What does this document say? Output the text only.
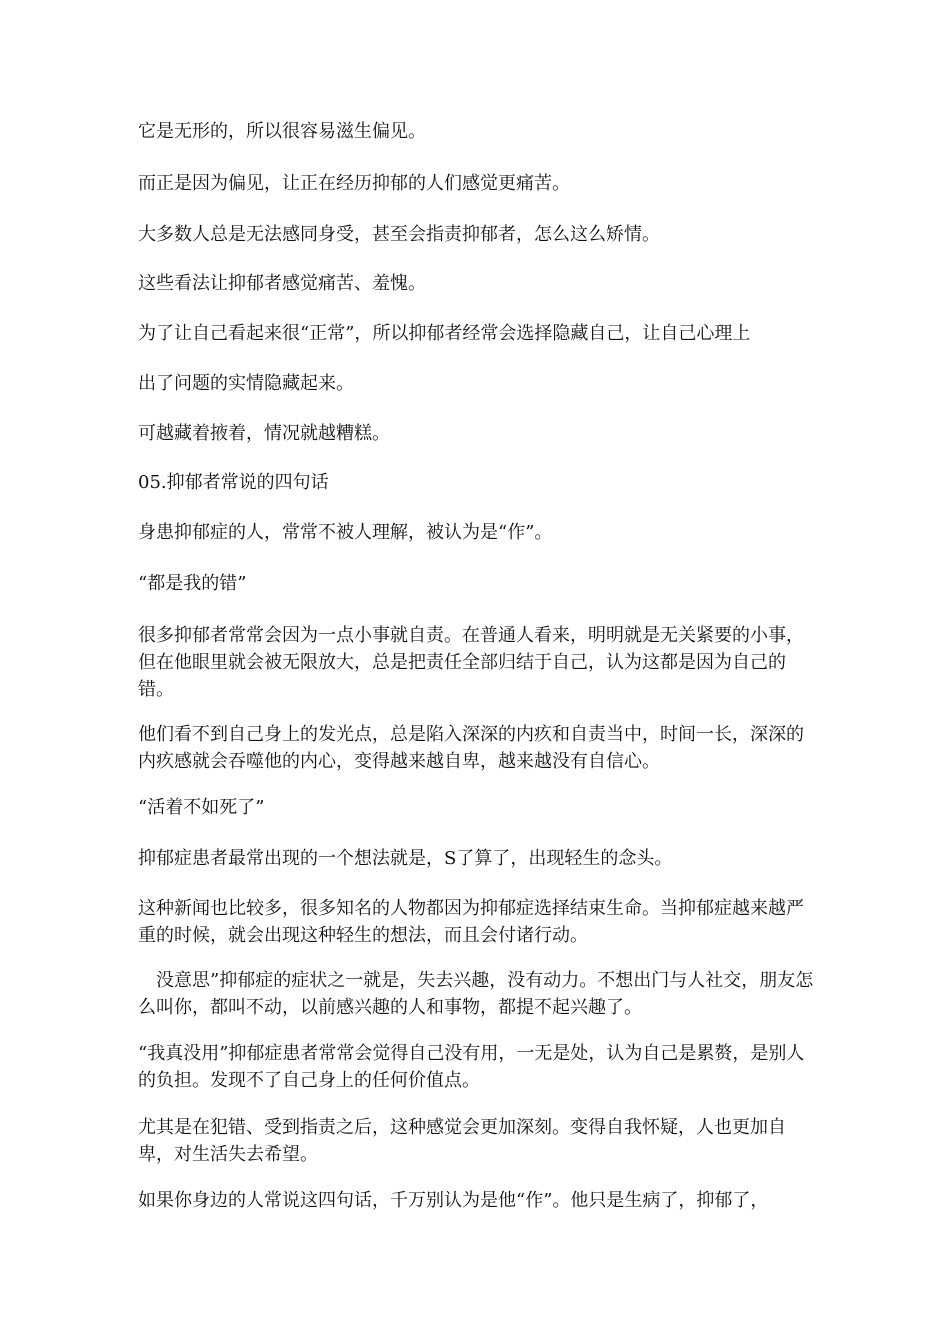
它是无形的，所以很容易滋生偏见。

而正是因为偏见，让正在经历抑郁的人们感觉更痛苦。

大多数人总是无法感同身受，甚至会指责抑郁者，怎么这么矫情。

这些看法让抑郁者感觉痛苦、羞愧。

为了让自己看起来很“正常”，所以抑郁者经常会选择隐藏自己，让自己心理上

出了问题的实情隐藏起来。

可越藏着掖着，情况就越糟糕。

05.抑郁者常说的四句话

身患抑郁症的人，常常不被人理解，被认为是“作”。

“都是我的错”

很多抑郁者常常会因为一点小事就自责。在普通人看来，明明就是无关紧要的小事，但在他眼里就会被无限放大，总是把责任全部归结于自己，认为这都是因为自己的错。

他们看不到自己身上的发光点，总是陷入深深的内疚和自责当中，时间一长，深深的内疚感就会吞噬他的内心，变得越来越自卑，越来越没有自信心。

“活着不如死了”

抑郁症患者最常出现的一个想法就是，S了算了，出现轻生的念头。

这种新闻也比较多，很多知名的人物都因为抑郁症选择结束生命。当抑郁症越来越严重的时候，就会出现这种轻生的想法，而且会付诸行动。

　没意思”抑郁症的症状之一就是，失去兴趣，没有动力。不想出门与人社交，朋友怎么叫你，都叫不动，以前感兴趣的人和事物，都提不起兴趣了。

“我真没用”抑郁症患者常常会觉得自己没有用，一无是处，认为自己是累赘，是别人的负担。发现不了自己身上的任何价值点。

尤其是在犯错、受到指责之后，这种感觉会更加深刻。变得自我怀疑，人也更加自卑，对生活失去希望。

如果你身边的人常说这四句话，千万别认为是他“作”。他只是生病了，抑郁了，
